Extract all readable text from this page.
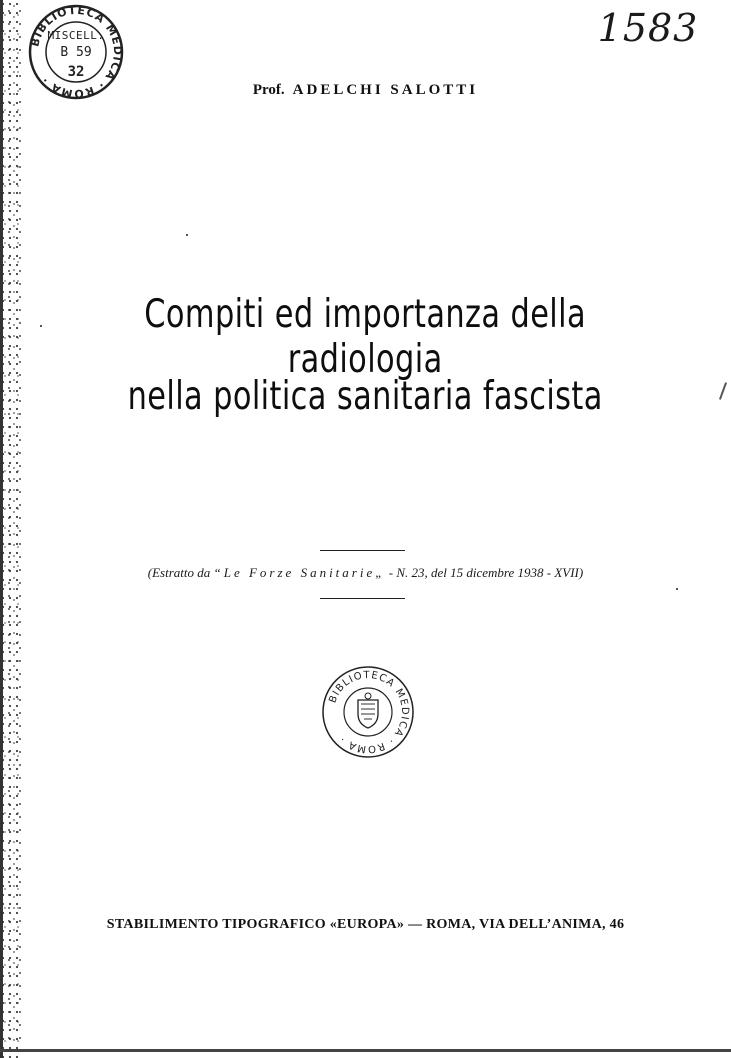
BIBLIOTECA MEDICA · ROMA ·
MISCELL.
B 59
32
1583
Prof. ADELCHI SALOTTI
Compiti ed importanza della radiologia
nella politica sanitaria fascista
(Estratto da “Le Forze Sanitarie„ - N. 23, del 15 dicembre 1938 - XVII)
BIBLIOTECA MEDICA · ROMA ·
STABILIMENTO TIPOGRAFICO «EUROPA» — ROMA, VIA DELL’ANIMA, 46
